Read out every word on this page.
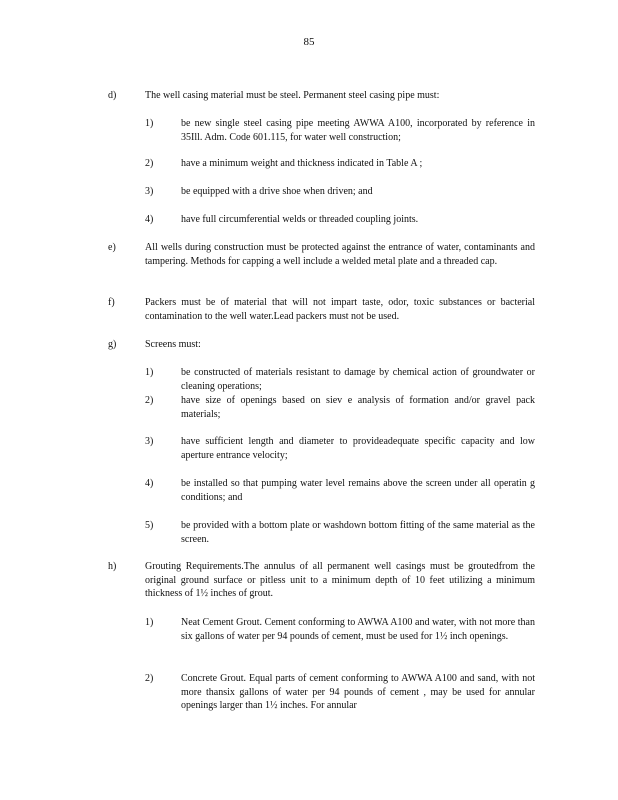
85
d)	The well casing material must be steel. Permanent steel casing pipe must:
1)	be new single steel casing pipe meeting AWWA A100, incorporated by reference in 35Ill. Adm. Code 601.115, for water well construction;
2)	have a minimum weight and thickness indicated in Table A ;
3)	be equipped with a drive shoe when driven; and
4)	have full circumferential welds or threaded coupling joints.
e)	All wells during construction must be protected against the entrance of water, contaminants and tampering. Methods for capping a well include a welded metal plate and a threaded cap.
f)	Packers must be of material that will not impart taste, odor, toxic substances or bacterial contamination to the well water.Lead packers must not be used.
g)	Screens must:
1)	be constructed of materials resistant to damage by chemical action of groundwater or cleaning operations;
2)	have size of openings based on siev e analysis of formation and/or gravel pack materials;
3)	have sufficient length and diameter to provideadequate specific capacity and low aperture entrance velocity;
4)	be installed so that pumping water level remains above the screen under all operatin g conditions; and
5)	be provided with a bottom plate or washdown bottom fitting of the same material as the screen.
h)	Grouting Requirements.The annulus of all permanent well casings must be groutedfrom the original ground surface or pitless unit to a minimum depth of 10 feet utilizing a minimum thickness of 1½ inches of grout.
1)	Neat Cement Grout. Cement conforming to AWWA A100 and water, with not more than six gallons of water per 94 pounds of cement, must be used for 1½ inch openings.
2)	Concrete Grout. Equal parts of cement conforming to AWWA A100 and sand, with not more thansix gallons of water per 94 pounds of cement , may be used for annular openings larger than 1½ inches. For annular
